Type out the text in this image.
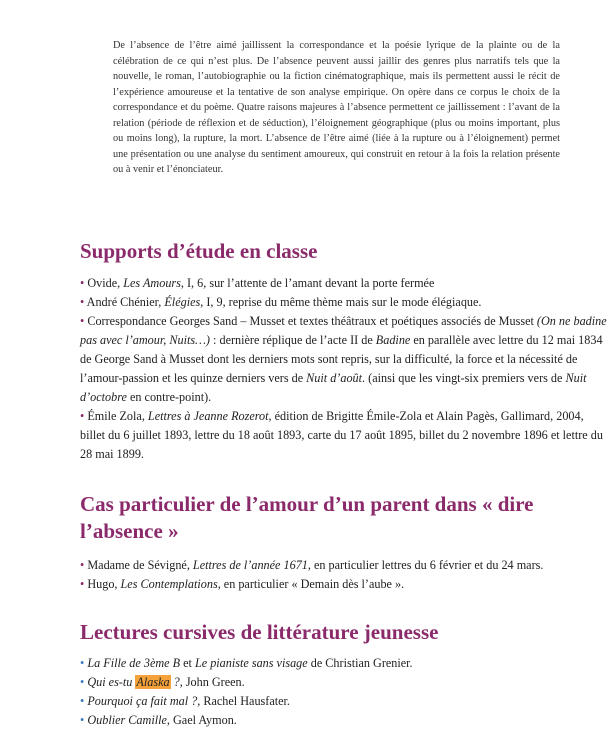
De l’absence de l’être aimé jaillissent la correspondance et la poésie lyrique de la plainte ou de la célébration de ce qui n’est plus. De l’absence peuvent aussi jaillir des genres plus narratifs tels que la nouvelle, le roman, l’autobiographie ou la fiction cinématographique, mais ils permettent aussi le récit de l’expérience amoureuse et la tentative de son analyse empirique. On opère dans ce corpus le choix de la correspondance et du poème. Quatre raisons majeures à l’absence permettent ce jaillissement : l’avant de la relation (période de réflexion et de séduction), l’éloignement géographique (plus ou moins important, plus ou moins long), la rupture, la mort. L’absence de l’être aimé (liée à la rupture ou à l’éloignement) permet une présentation ou une analyse du sentiment amoureux, qui construit en retour à la fois la relation présente ou à venir et l’énonciateur.

Supports d’étude en classe
• Ovide, Les Amours, I, 6, sur l’attente de l’amant devant la porte fermée
• André Chénier, Élégies, I, 9, reprise du même thème mais sur le mode élégiaque.
• Correspondance Georges Sand – Musset et textes théâtraux et poétiques associés de Musset (On ne badine pas avec l’amour, Nuits…) : dernière réplique de l’acte II de Badine en parallèle avec lettre du 12 mai 1834 de George Sand à Musset dont les derniers mots sont repris, sur la difficulté, la force et la nécessité de l’amour-passion et les quinze derniers vers de Nuit d’août. (ainsi que les vingt-six premiers vers de Nuit d’octobre en contre-point).
• Émile Zola, Lettres à Jeanne Rozerot, édition de Brigitte Émile-Zola et Alain Pagès, Gallimard, 2004, billet du 6 juillet 1893, lettre du 18 août 1893, carte du 17 août 1895, billet du 2 novembre 1896 et lettre du 28 mai 1899.
Cas particulier de l’amour d’un parent dans « dire l’absence »
• Madame de Sévigné, Lettres de l’année 1671, en particulier lettres du 6 février et du 24 mars.
• Hugo, Les Contemplations, en particulier « Demain dès l’aube ».
Lectures cursives de littérature jeunesse
• La Fille de 3ème B et Le pianiste sans visage de Christian Grenier.
• Qui es-tu Alaska ?, John Green.
• Pourquoi ça fait mal ?, Rachel Hausfater.
• Oublier Camille, Gael Aymon.
